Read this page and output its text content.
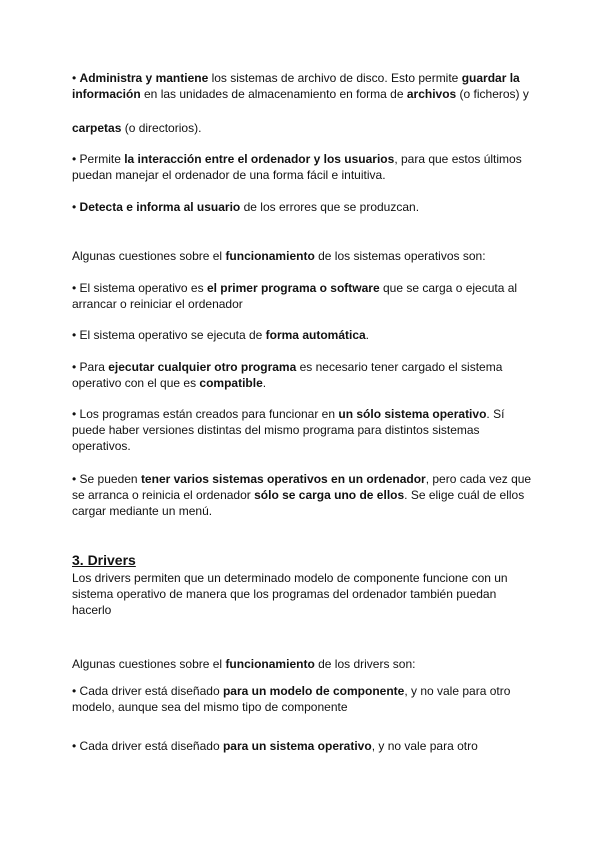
• Administra y mantiene los sistemas de archivo de disco. Esto permite guardar la información en las unidades de almacenamiento en forma de archivos (o ficheros) y

carpetas (o directorios).

• Permite la interacción entre el ordenador y los usuarios, para que estos últimos puedan manejar el ordenador de una forma fácil e intuitiva.

• Detecta e informa al usuario de los errores que se produzcan.

Algunas cuestiones sobre el funcionamiento de los sistemas operativos son:

• El sistema operativo es el primer programa o software que se carga o ejecuta al arrancar o reiniciar el ordenador

• El sistema operativo se ejecuta de forma automática.

• Para ejecutar cualquier otro programa es necesario tener cargado el sistema operativo con el que es compatible.

• Los programas están creados para funcionar en un sólo sistema operativo. Sí puede haber versiones distintas del mismo programa para distintos sistemas operativos.

• Se pueden tener varios sistemas operativos en un ordenador, pero cada vez que se arranca o reinicia el ordenador sólo se carga uno de ellos. Se elige cuál de ellos cargar mediante un menú.

3. Drivers

Los drivers permiten que un determinado modelo de componente funcione con un sistema operativo de manera que los programas del ordenador también puedan hacerlo

Algunas cuestiones sobre el funcionamiento de los drivers son:

• Cada driver está diseñado para un modelo de componente, y no vale para otro modelo, aunque sea del mismo tipo de componente

• Cada driver está diseñado para un sistema operativo, y no vale para otro
